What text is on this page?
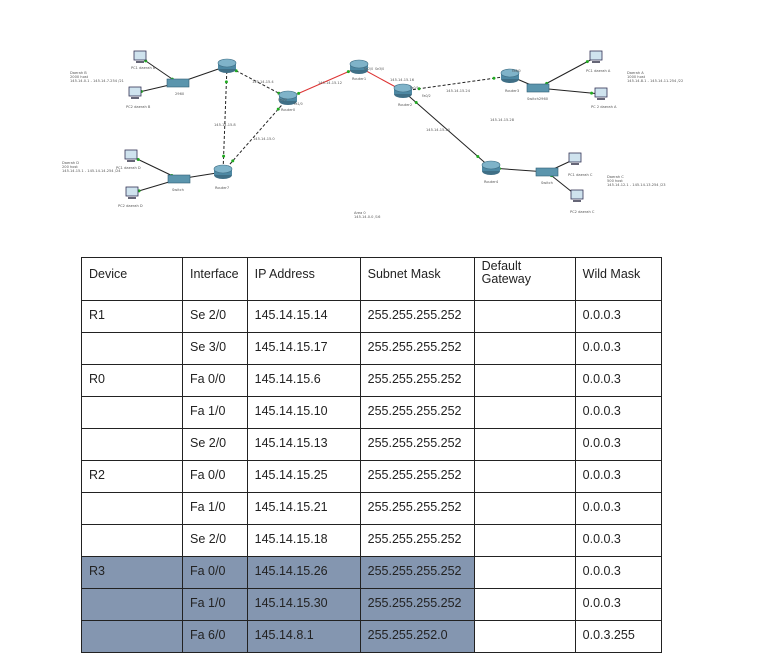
Router1
Router0
Router2
Router3
Router4
Router7
2960
Switch2960
Switch
Switch
PC1 daerah B
PC2 daerah B
PC1 daerah A
PC 2 daerah A
PC1 daerah C
PC2 daerah C
PC1 daerah D
PC2 daerah D
Daerah B
2000 host
145.14.0.1 - 145.14.7.254 /21
Daerah D
200 host
145.14.15.1 - 145.14.14.254 /24
Daerah A
1000 host
145.14.8.1 - 145.14.11.254 /22
Daerah C
500 host
145.14.12.1 - 145.14.13.254 /23
Area 0
145.14.0.0 /16
145.14.15.4	145.14.15.12
145.14.15.16
145.14.15.24
145.14.15.8
145.14.15.0
145.14.15.20
145.14.15.28
Se2/0 Se3/0
Fa0/0
Fa1/0
Fa0/1
Fa0/2
Fa6/0
Device	Interface	IP Address	Subnet Mask	Default Gateway	Wild Mask
R1	Se 2/0	145.14.15.14	255.255.255.252		0.0.0.3
	Se 3/0	145.14.15.17	255.255.255.252		0.0.0.3
R0	Fa 0/0	145.14.15.6	255.255.255.252		0.0.0.3
	Fa 1/0	145.14.15.10	255.255.255.252		0.0.0.3
	Se 2/0	145.14.15.13	255.255.255.252		0.0.0.3
R2	Fa 0/0	145.14.15.25	255.255.255.252		0.0.0.3
	Fa 1/0	145.14.15.21	255.255.255.252		0.0.0.3
	Se 2/0	145.14.15.18	255.255.255.252		0.0.0.3
R3	Fa 0/0	145.14.15.26	255.255.255.252		0.0.0.3
	Fa 1/0	145.14.15.30	255.255.255.252		0.0.0.3
	Fa 6/0	145.14.8.1	255.255.252.0		0.0.3.255
